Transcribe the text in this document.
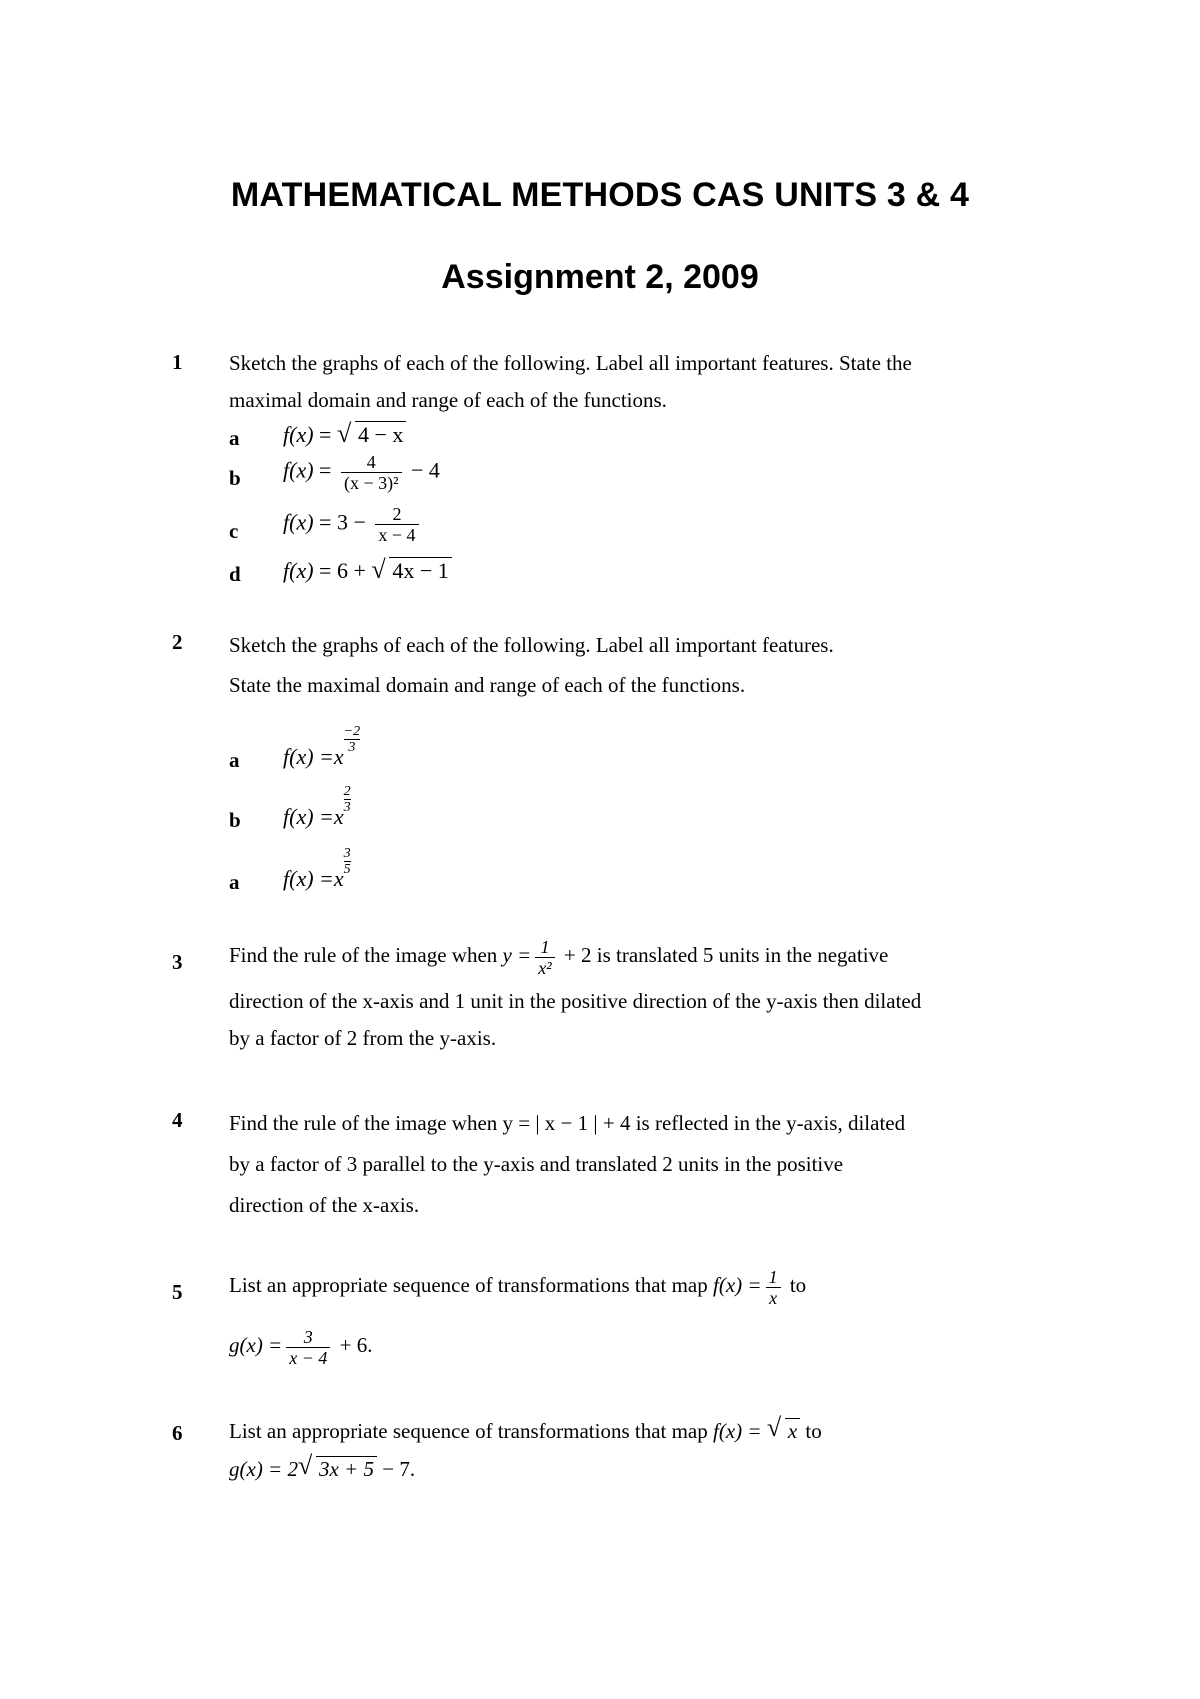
MATHEMATICAL METHODS CAS UNITS 3 & 4
Assignment 2, 2009
1 Sketch the graphs of each of the following. Label all important features. State the
maximal domain and range of each of the functions.
a f(x) = √ 4 − x
b $f(x) = \frac{4}{\text{(x − 3)²}} - 4$
c $f(x) = 3 - \frac{2}{x - 4}$
d f(x) = 6 + √ 4x − 1
2 Sketch the graphs of each of the following. Label all important features.
State the maximal domain and range of each of the functions.
a f(x) =x
$\frac{-2}{3}$
b f(x) =x
$\frac{2}{3}$
a f(x) =x
$\frac{3}{5}$
3 Find the rule of the image when $y = \frac{1}{\text{x²}} + 2$ is translated 5 units in the negative
direction of the x-axis and 1 unit in the positive direction of the y-axis then dilated
by a factor of 2 from the y-axis.
4 Find the rule of the image when y = | x − 1 | + 4 is reflected in the y-axis, dilated
by a factor of 3 parallel to the y-axis and translated 2 units in the positive
direction of the x-axis.
5 List an appropriate sequence of transformations that map $f(x) = \frac{1}{x}$ to
$g(x) = \frac{3}{x - 4} + 6$.
6 List an appropriate sequence of transformations that map f(x) = √ x to
g(x) = 2 √ 3x + 5 − 7.
